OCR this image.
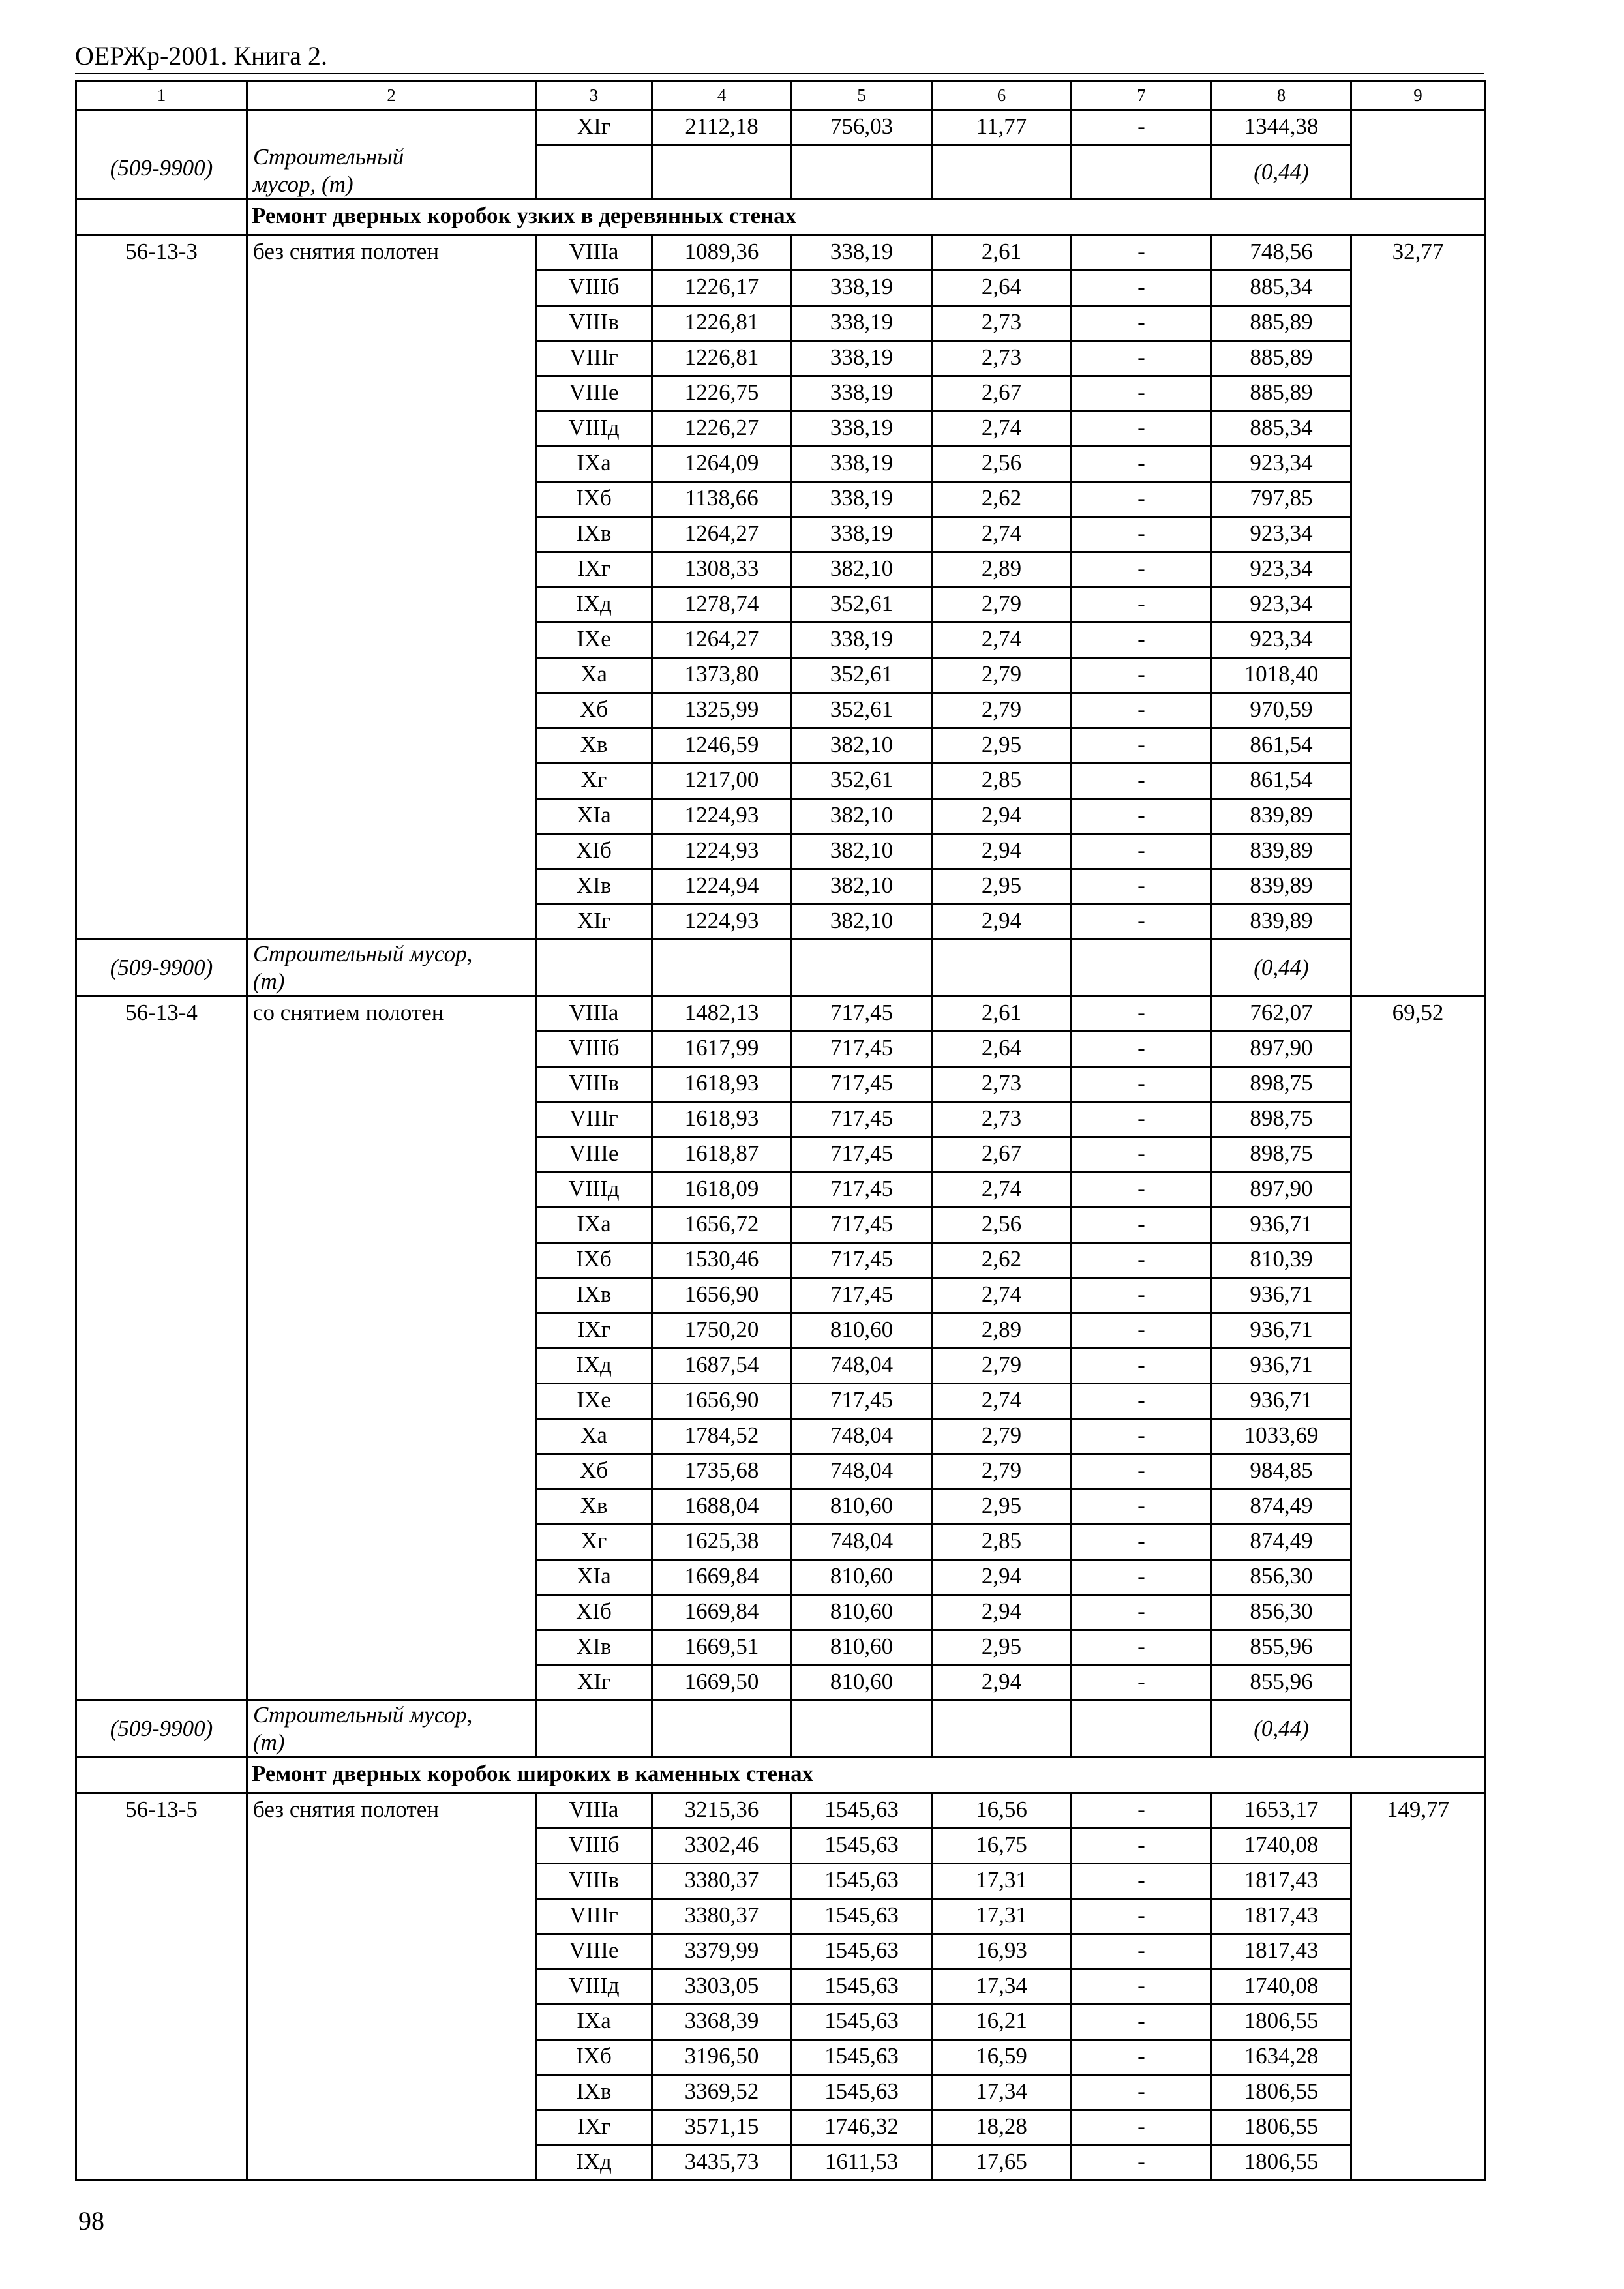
ОЕРЖр-2001. Книга 2.
1	2	3	4	5	6	7	8	9

(509-9900)	Строительный мусор, (т)	XIг	2112,18	756,03	11,77	-	1344,38	
							(0,44)	
	Ремонт дверных коробок узких в деревянных стенах							
56-13-3	без снятия полотен	VIIIа	1089,36	338,19	2,61	-	748,56	32,77
		VIIIб	1226,17	338,19	2,64	-	885,34	
		VIIIв	1226,81	338,19	2,73	-	885,89	
		VIIIг	1226,81	338,19	2,73	-	885,89	
		VIIIе	1226,75	338,19	2,67	-	885,89	
		VIIIд	1226,27	338,19	2,74	-	885,34	
		IXа	1264,09	338,19	2,56	-	923,34	
		IXб	1138,66	338,19	2,62	-	797,85	
		IXв	1264,27	338,19	2,74	-	923,34	
		IXг	1308,33	382,10	2,89	-	923,34	
		IXд	1278,74	352,61	2,79	-	923,34	
		IXе	1264,27	338,19	2,74	-	923,34	
		Xа	1373,80	352,61	2,79	-	1018,40	
		Xб	1325,99	352,61	2,79	-	970,59	
		Xв	1246,59	382,10	2,95	-	861,54	
		Xг	1217,00	352,61	2,85	-	861,54	
		XIа	1224,93	382,10	2,94	-	839,89	
		XIб	1224,93	382,10	2,94	-	839,89	
		XIв	1224,94	382,10	2,95	-	839,89	
		XIг	1224,93	382,10	2,94	-	839,89	
(509-9900)	Строительный мусор, (т)						(0,44)	
56-13-4	со снятием полотен	VIIIа	1482,13	717,45	2,61	-	762,07	69,52
		VIIIб	1617,99	717,45	2,64	-	897,90	
		VIIIв	1618,93	717,45	2,73	-	898,75	
		VIIIг	1618,93	717,45	2,73	-	898,75	
		VIIIе	1618,87	717,45	2,67	-	898,75	
		VIIIд	1618,09	717,45	2,74	-	897,90	
		IXа	1656,72	717,45	2,56	-	936,71	
		IXб	1530,46	717,45	2,62	-	810,39	
		IXв	1656,90	717,45	2,74	-	936,71	
		IXг	1750,20	810,60	2,89	-	936,71	
		IXд	1687,54	748,04	2,79	-	936,71	
		IXе	1656,90	717,45	2,74	-	936,71	
		Xа	1784,52	748,04	2,79	-	1033,69	
		Xб	1735,68	748,04	2,79	-	984,85	
		Xв	1688,04	810,60	2,95	-	874,49	
		Xг	1625,38	748,04	2,85	-	874,49	
		XIа	1669,84	810,60	2,94	-	856,30	
		XIб	1669,84	810,60	2,94	-	856,30	
		XIв	1669,51	810,60	2,95	-	855,96	
		XIг	1669,50	810,60	2,94	-	855,96	
(509-9900)	Строительный мусор, (т)						(0,44)	
	Ремонт дверных коробок широких в каменных стенах							
56-13-5	без снятия полотен	VIIIа	3215,36	1545,63	16,56	-	1653,17	149,77
		VIIIб	3302,46	1545,63	16,75	-	1740,08	
		VIIIв	3380,37	1545,63	17,31	-	1817,43	
		VIIIг	3380,37	1545,63	17,31	-	1817,43	
		VIIIе	3379,99	1545,63	16,93	-	1817,43	
		VIIIд	3303,05	1545,63	17,34	-	1740,08	
		IXа	3368,39	1545,63	16,21	-	1806,55	
		IXб	3196,50	1545,63	16,59	-	1634,28	
		IXв	3369,52	1545,63	17,34	-	1806,55	
		IXг	3571,15	1746,32	18,28	-	1806,55	
		IXд	3435,73	1611,53	17,65	-	1806,55	
98
